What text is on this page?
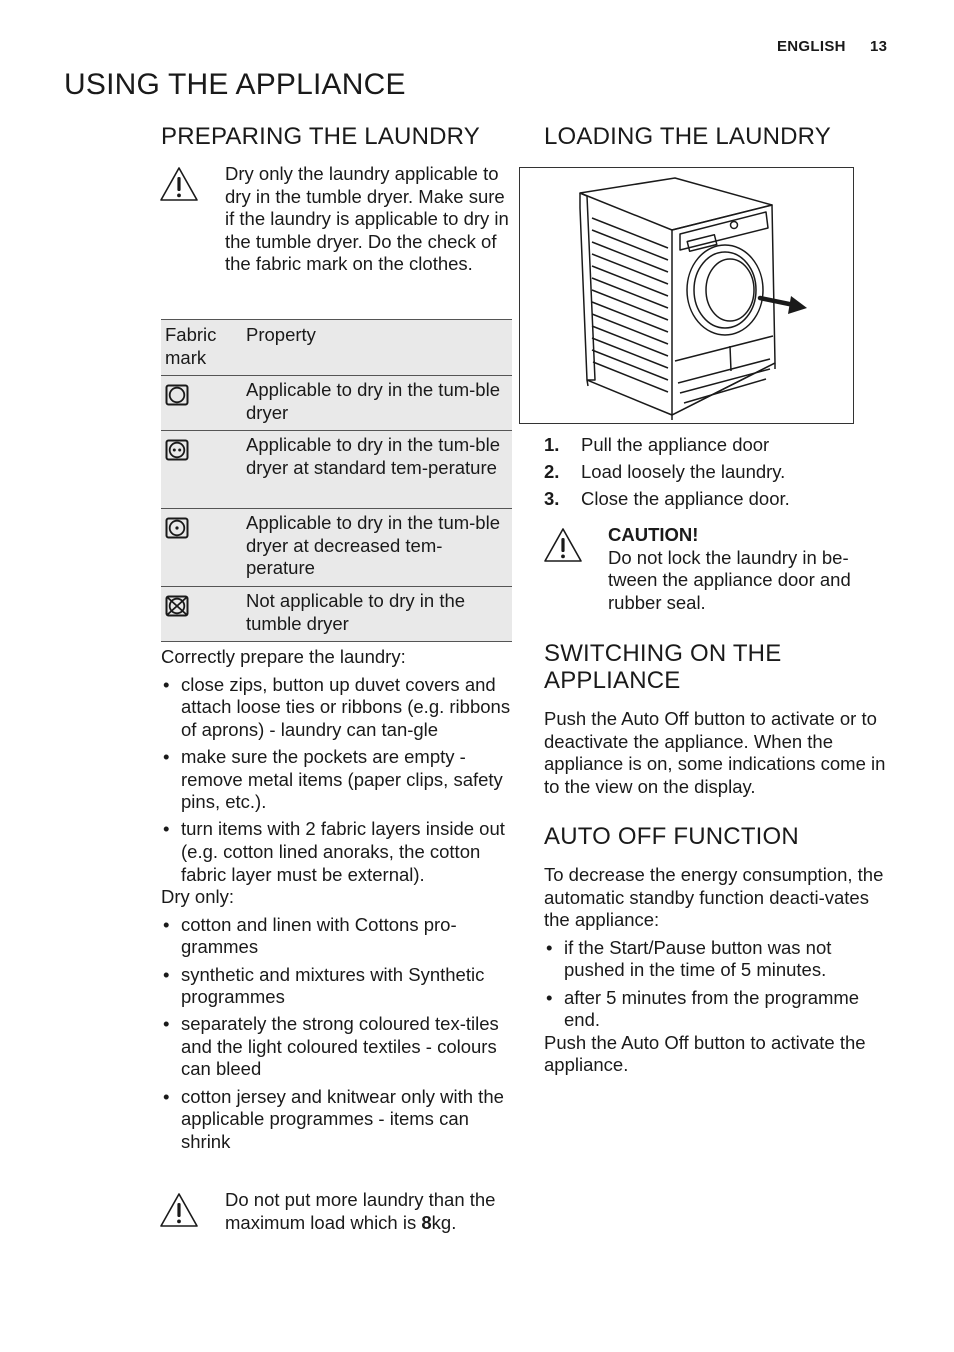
ENGLISH 13
USING THE APPLIANCE
PREPARING THE LAUNDRY
Dry only the laundry applicable to dry in the tumble dryer. Make sure if the laundry is applicable to dry in the tumble dryer. Do the check of the fabric mark on the clothes.
Fabric mark	Property
	Applicable to dry in the tum-ble dryer
	Applicable to dry in the tum-ble dryer at standard tem-perature
	Applicable to dry in the tum-ble dryer at decreased tem-perature
	Not applicable to dry in the tumble dryer
Correctly prepare the laundry:
• close zips, button up duvet covers and attach loose ties or ribbons (e.g. ribbons of aprons) - laundry can tan-gle
• make sure the pockets are empty - remove metal items (paper clips, safety pins, etc.).
• turn items with 2 fabric layers inside out (e.g. cotton lined anoraks, the cotton fabric layer must be external).
Dry only:
• cotton and linen with Cottons pro-grammes
• synthetic and mixtures with Synthetic programmes
• separately the strong coloured tex-tiles and the light coloured textiles - colours can bleed
• cotton jersey and knitwear only with the applicable programmes - items can shrink
Do not put more laundry than the maximum load which is 8kg.
LOADING THE LAUNDRY
1. Pull the appliance door
2. Load loosely the laundry.
3. Close the appliance door.
CAUTION!
Do not lock the laundry in be-tween the appliance door and rubber seal.
SWITCHING ON THE
APPLIANCE
Push the Auto Off button to activate or to deactivate the appliance. When the appliance is on, some indications come in to the view on the display.
AUTO OFF FUNCTION
To decrease the energy consumption, the automatic standby function deacti-vates the appliance:
• if the Start/Pause button was not pushed in the time of 5 minutes.
• after 5 minutes from the programme end.
Push the Auto Off button to activate the appliance.
